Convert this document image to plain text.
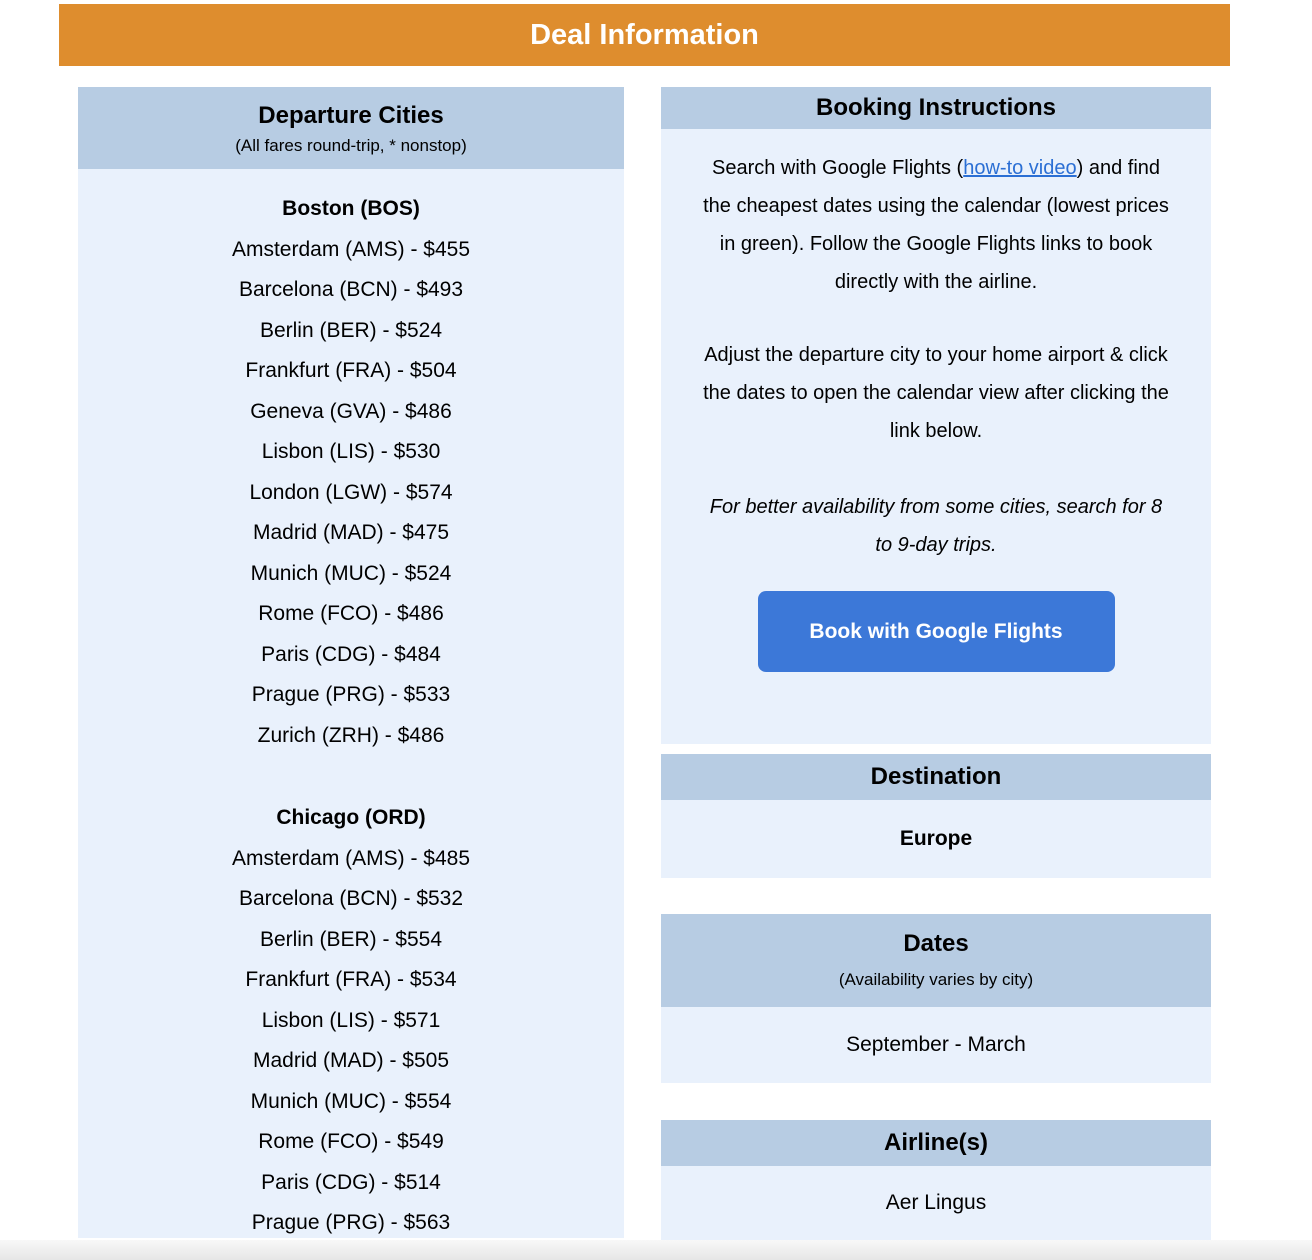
Deal Information
Departure Cities
(All fares round-trip, * nonstop)
Boston (BOS)
Amsterdam (AMS) - $455
Barcelona (BCN) - $493
Berlin (BER) - $524
Frankfurt (FRA) - $504
Geneva (GVA) - $486
Lisbon (LIS) - $530
London (LGW) - $574
Madrid (MAD) - $475
Munich (MUC) - $524
Rome (FCO) - $486
Paris (CDG) - $484
Prague (PRG) - $533
Zurich (ZRH) - $486
Chicago (ORD)
Amsterdam (AMS) - $485
Barcelona (BCN) - $532
Berlin (BER) - $554
Frankfurt (FRA) - $534
Lisbon (LIS) - $571
Madrid (MAD) - $505
Munich (MUC) - $554
Rome (FCO) - $549
Paris (CDG) - $514
Prague (PRG) - $563
Booking Instructions

Search with Google Flights (how-to video) and find the cheapest dates using the calendar (lowest prices in green). Follow the Google Flights links to book directly with the airline.

Adjust the departure city to your home airport & click the dates to open the calendar view after clicking the link below.

For better availability from some cities, search for 8 to 9-day trips.

Book with Google Flights
Destination
Europe
Dates
(Availability varies by city)
September - March
Airline(s)
Aer Lingus
